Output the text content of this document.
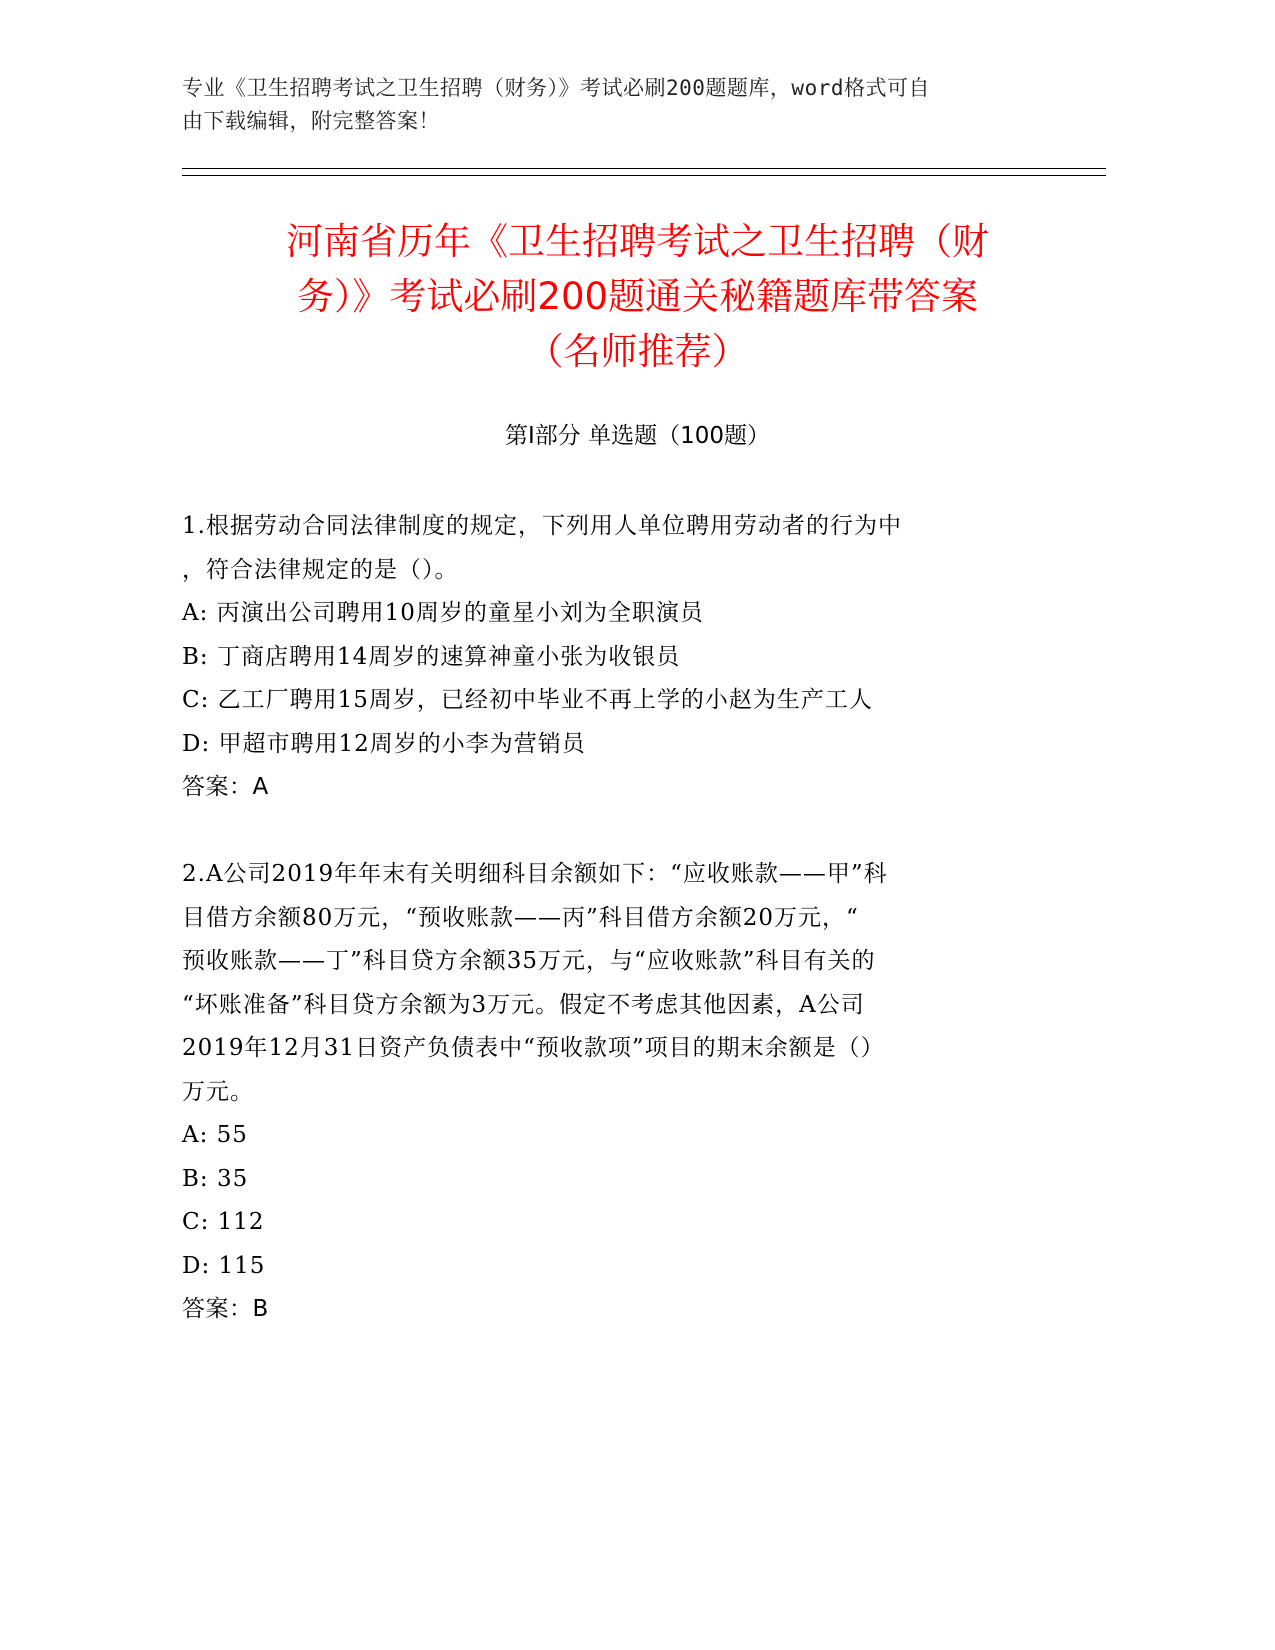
专业《卫生招聘考试之卫生招聘（财务）》考试必刷200题题库，word格式可自
由下载编辑，附完整答案！
河南省历年《卫生招聘考试之卫生招聘（财
务）》考试必刷200题通关秘籍题库带答案
（名师推荐）
第Ⅰ部分 单选题（100题）

1.根据劳动合同法律制度的规定，下列用人单位聘用劳动者的行为中

，符合法律规定的是（）。

A: 丙演出公司聘用10周岁的童星小刘为全职演员

B: 丁商店聘用14周岁的速算神童小张为收银员

C: 乙工厂聘用15周岁，已经初中毕业不再上学的小赵为生产工人

D: 甲超市聘用12周岁的小李为营销员

答案：A

2.A公司2019年年末有关明细科目余额如下：“应收账款——甲”科

目借方余额80万元，“预收账款——丙”科目借方余额20万元，“

预收账款——丁”科目贷方余额35万元，与“应收账款”科目有关的

“坏账准备”科目贷方余额为3万元。假定不考虑其他因素，A公司

2019年12月31日资产负债表中“预收款项”项目的期末余额是（）

万元。

A: 55

B: 35

C: 112

D: 115

答案：B
